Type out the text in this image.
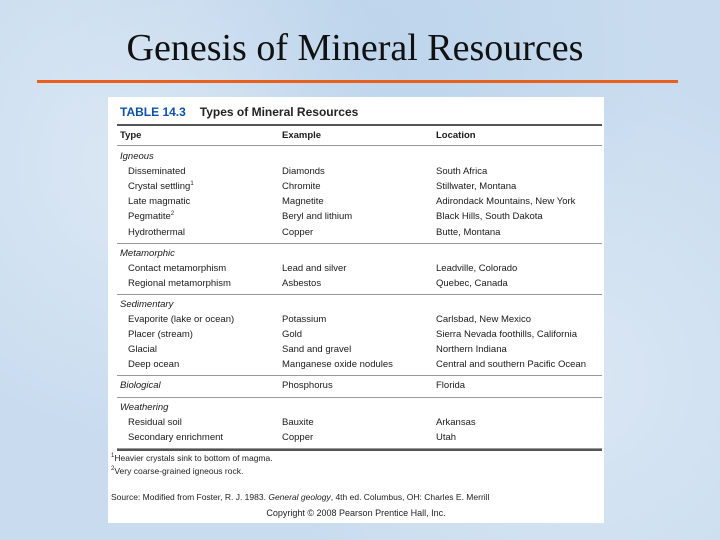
Genesis of Mineral Resources
TABLE 14.3 Types of Mineral Resources
Type	Example	Location
Igneous
Disseminated	Diamonds	South Africa
Crystal settling$^1$	Chromite	Stillwater, Montana
Late magmatic	Magnetite	Adirondack Mountains, New York
Pegmatite$^2$	Beryl and lithium	Black Hills, South Dakota
Hydrothermal	Copper	Butte, Montana
Metamorphic
Contact metamorphism	Lead and silver	Leadville, Colorado
Regional metamorphism	Asbestos	Quebec, Canada
Sedimentary
Evaporite (lake or ocean)	Potassium	Carlsbad, New Mexico
Placer (stream)	Gold	Sierra Nevada foothills, California
Glacial	Sand and gravel	Northern Indiana
Deep ocean	Manganese oxide nodules	Central and southern Pacific Ocean
Biological	Phosphorus	Florida
Weathering
Residual soil	Bauxite	Arkansas
Secondary enrichment	Copper	Utah
$^1$Heavier crystals sink to bottom of magma.
$^2$Very coarse-grained igneous rock.
Source: Modified from Foster, R. J. 1983. General geology, 4th ed. Columbus, OH: Charles E. Merrill
Copyright © 2008 Pearson Prentice Hall, Inc.
